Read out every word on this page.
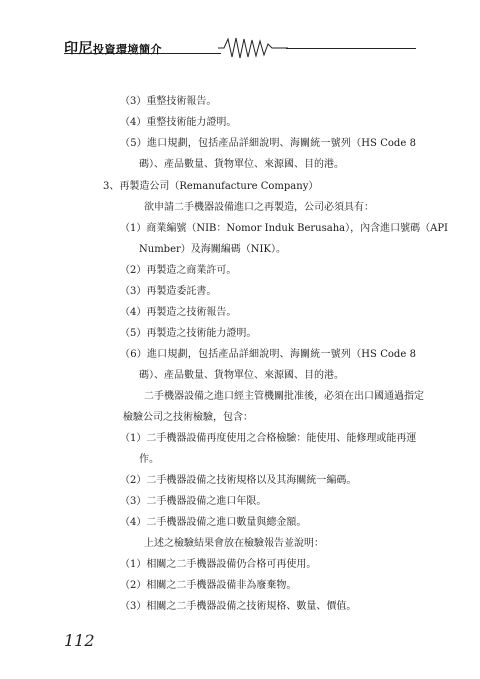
印尼投資環境簡介
（3）重整技術報告。
（4）重整技術能力證明。
（5）進口規劃，包括產品詳細說明、海關統一號列（HS Code 8
碼）、產品數量、貨物單位、來源國、目的港。
3、再製造公司（Remanufacture Company）
欲申請二手機器設備進口之再製造，公司必須具有：
（1）商業編號（NIB：Nomor Induk Berusaha），內含進口號碼（API
Number）及海關編碼（NIK）。
（2）再製造之商業許可。
（3）再製造委託書。
（4）再製造之技術報告。
（5）再製造之技術能力證明。
（6）進口規劃，包括產品詳細說明、海關統一號列（HS Code 8
碼）、產品數量、貨物單位、來源國、目的港。
二手機器設備之進口經主管機關批准後，必須在出口國通過指定
檢驗公司之技術檢驗，包含：
（1）二手機器設備再度使用之合格檢驗：能使用、能修理或能再運
作。
（2）二手機器設備之技術規格以及其海關統一編碼。
（3）二手機器設備之進口年限。
（4）二手機器設備之進口數量與總金額。
上述之檢驗結果會放在檢驗報告並說明：
（1）相關之二手機器設備仍合格可再使用。
（2）相關之二手機器設備非為廢棄物。
（3）相關之二手機器設備之技術規格、數量、價值。
112
